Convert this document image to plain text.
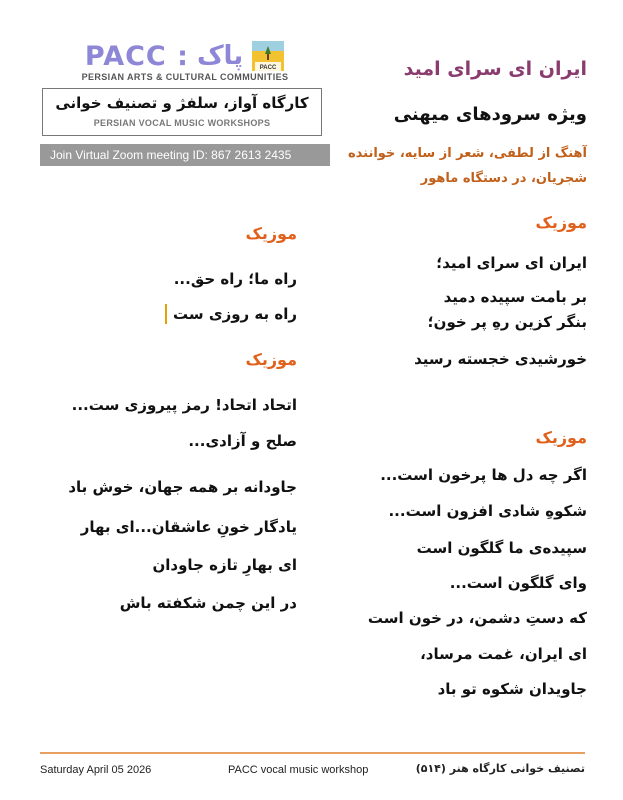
PACC : پاک	PACC
PERSIAN ARTS & CULTURAL COMMUNITIES
کارگاه آواز، سلفژ و تصنیف خوانی
PERSIAN VOCAL MUSIC WORKSHOPS
Join Virtual Zoom meeting ID: 867 2613 2435
ایران ای سرای امید
ویژه سرودهای میهنی
آهنگ از لطفی، شعر از سایه، خواننده
شجریان، در دستگاه ماهور
موزیک
ایران ای سرای امید؛
بر بامت سپیده دمید
بنگر کزین رهِ پر خون؛
خورشیدی خجسته رسید
موزیک
اگر چه دل ها پرخون است...
شکوهِ شادی افزون است...
سپیده‌ی ما گلگون است
وای گلگون است...
که دستِ دشمن، در خون است
ای ایران، غمت مرساد،
جاویدان شکوه تو باد
موزیک
راه ما؛ راه حق...
راه به روزی ست
موزیک
اتحاد اتحاد! رمز پیروزی ست...
صلح و آزادی...
جاودانه بر همه جهان، خوش باد
یادگار خونِ عاشقان...ای بهار
ای بهارِ تازه جاودان
در این چمن شکفته باش
Saturday April 05 2026	PACC vocal music workshop	تصنیف خوانی کارگاه هنر (۵۱۴)
